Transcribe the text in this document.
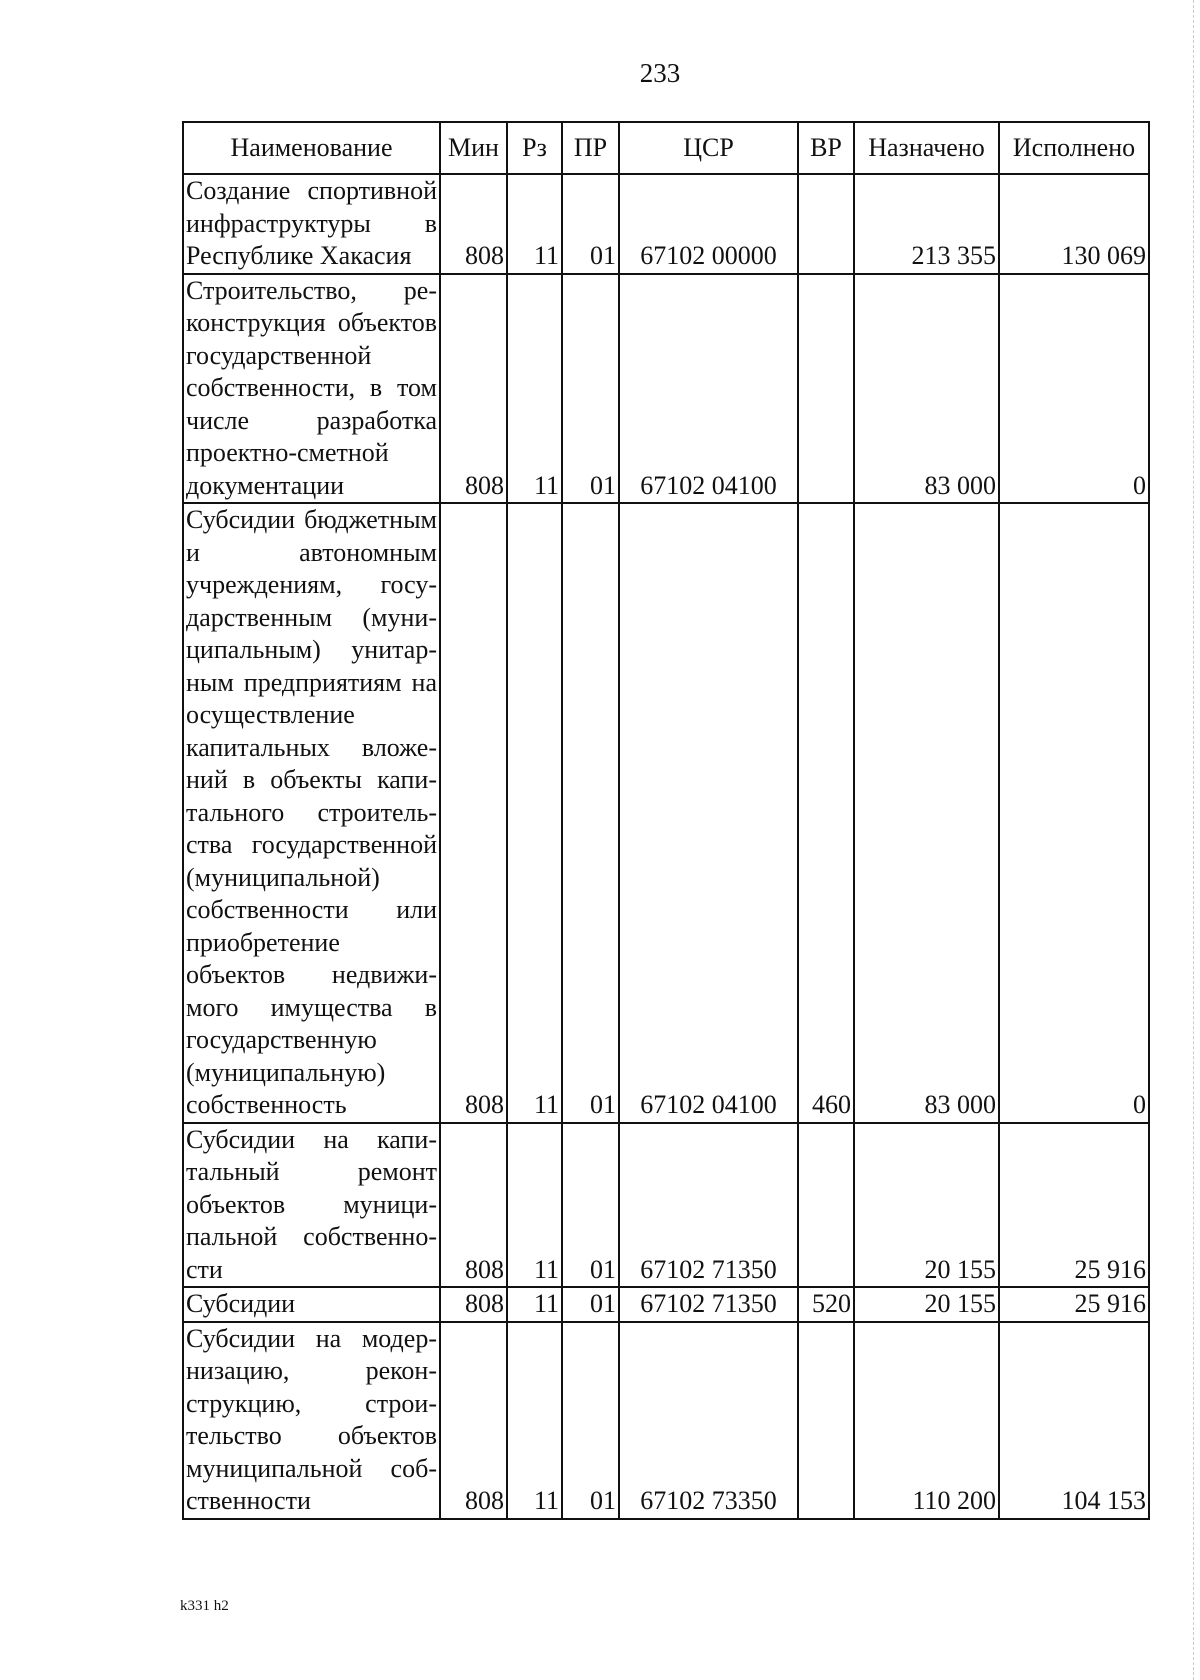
233
Наименование	Мин	Рз	ПР	ЦСР	ВР	Назначено	Исполнено
Создание спортивной инфраструктуры в Республике Хакасия	808	11	01	67102 00000		213 355	130 069
Строительство, реконструкция объектов государственной собственности, в том числе разработка проектно-сметной документации	808	11	01	67102 04100		83 000	0
Субсидии бюджетным и автономным учреждениям, государственным (муниципальным) унитарным предприятиям на осуществление капитальных вложений в объекты капитального строительства государственной (муниципальной) собственности или приобретение объектов недвижимого имущества в государственную (муниципальную) собственность	808	11	01	67102 04100	460	83 000	0
Субсидии на капитальный ремонт объектов муниципальной собственности	808	11	01	67102 71350		20 155	25 916
Субсидии	808	11	01	67102 71350	520	20 155	25 916
Субсидии на модернизацию, реконструкцию, строительство объектов муниципальной собственности	808	11	01	67102 73350		110 200	104 153
k331 h2
